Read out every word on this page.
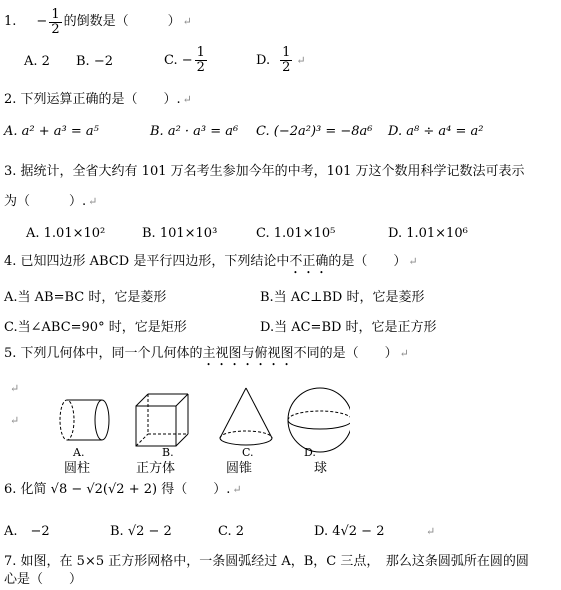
1. − $\frac{1}{2}$ 的倒数是（　　　） ↵
A. 2 B. −2	C. − $\frac{1}{2}$	D. $\frac{1}{2}$ ↵
2. 下列运算正确的是（　　）. ↵
A. a² + a³ = a⁵	B. a² · a³ = a⁶ C. (−2a²)³ = −8a⁶ D. a⁸ ÷ a⁴ = a²
3. 据统计，全省大约有 101 万名考生参加今年的中考，101 万这个数用科学记数法可表示
为（　　　）. ↵
A. 1.01×10²	B. 101×10³	C. 1.01×10⁵	D. 1.01×10⁶
4. 已知四边形 ABCD 是平行四边形，下列结论中不正确的是（　　） ↵
A.当 AB=BC 时，它是菱形	B.当 AC⊥BD 时，它是菱形
C.当∠ABC=90° 时，它是矩形	D.当 AC=BD 时，它是正方形
5. 下列几何体中，同一个几何体的主视图与俯视图不同的是（　　） ↵
↵
↵
A.	B.	C.	D.
圆柱	正方体	圆锥	球
6. 化简 √8 − √2(√2 + 2) 得（　　）. ↵
A.　−2	B. √2 − 2	C. 2	D. 4√2 − 2	↵
7. 如图，在 5×5 正方形网格中，一条圆弧经过 A，B，C 三点，　那么这条圆弧所在圆的圆
心是（　　）
